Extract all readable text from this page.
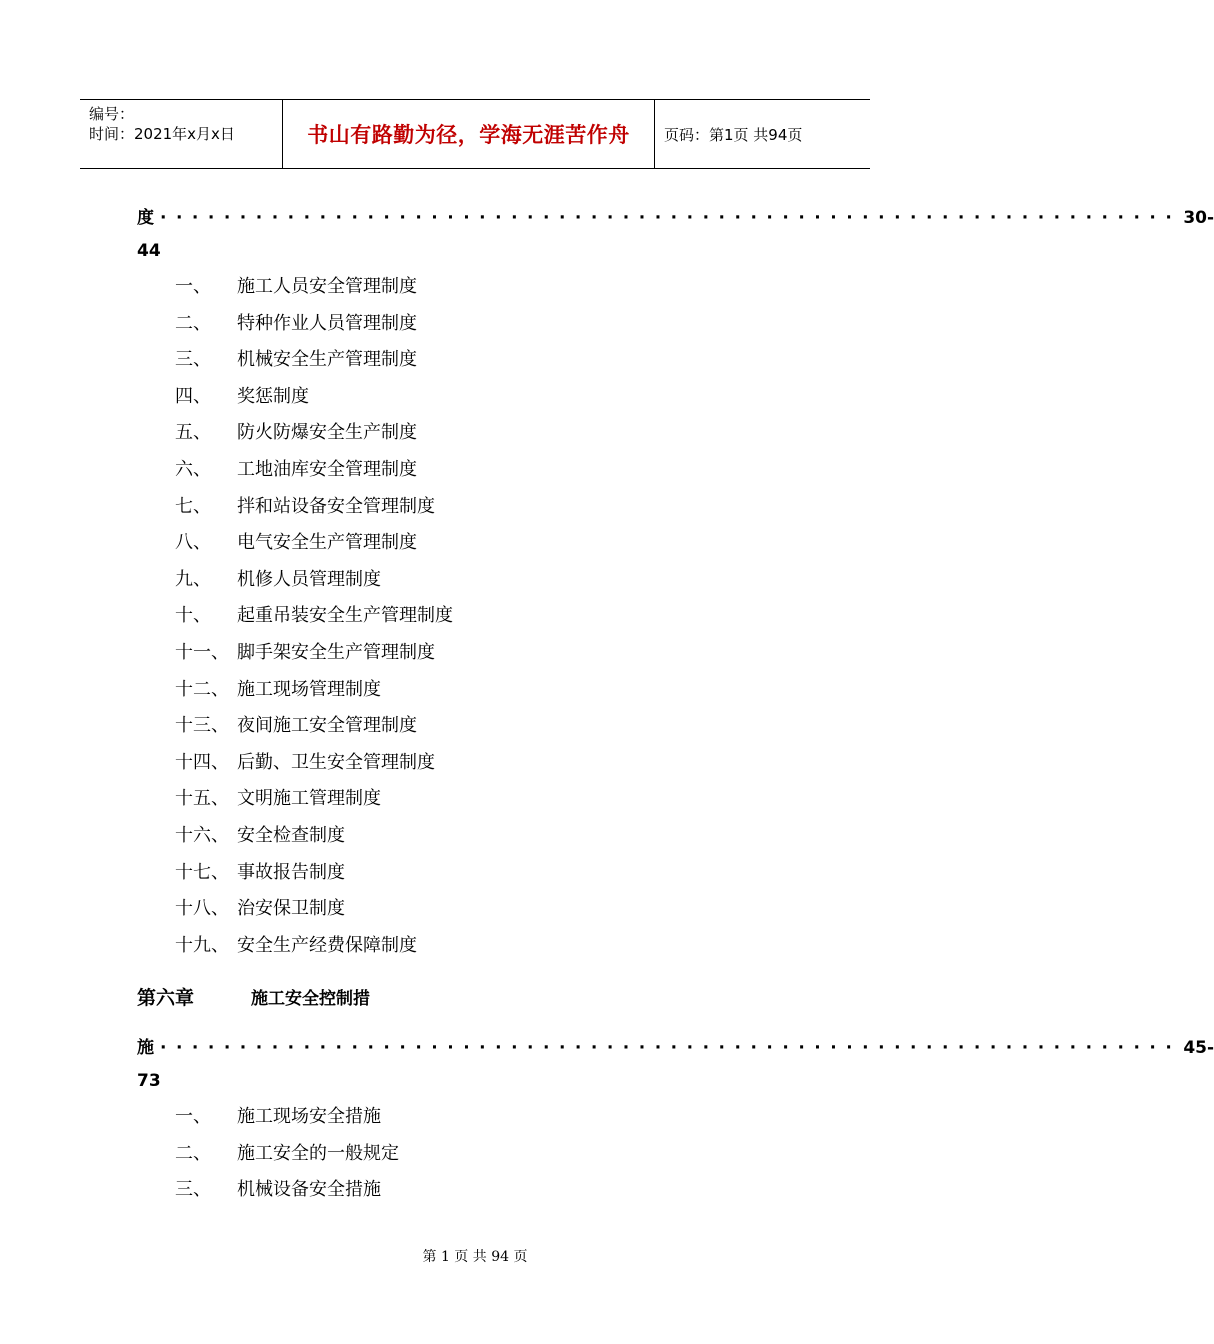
编号：
时间：2021年x月x日	书山有路勤为径，学海无涯苦作舟 页码：第1页 共94页
度 ································································ 30-
44
一、 施工人员安全管理制度
二、 特种作业人员管理制度
三、 机械安全生产管理制度
四、 奖惩制度
五、 防火防爆安全生产制度
六、 工地油库安全管理制度
七、 拌和站设备安全管理制度
八、 电气安全生产管理制度
九、 机修人员管理制度
十、 起重吊装安全生产管理制度
十一、 脚手架安全生产管理制度
十二、 施工现场管理制度
十三、 夜间施工安全管理制度
十四、 后勤、卫生安全管理制度
十五、 文明施工管理制度
十六、 安全检查制度
十七、 事故报告制度
十八、 治安保卫制度
十九、 安全生产经费保障制度
第六章	施工安全控制措
施 ································································ 45-
73
一、 施工现场安全措施
二、 施工安全的一般规定
三、 机械设备安全措施
第 1 页 共 94 页
